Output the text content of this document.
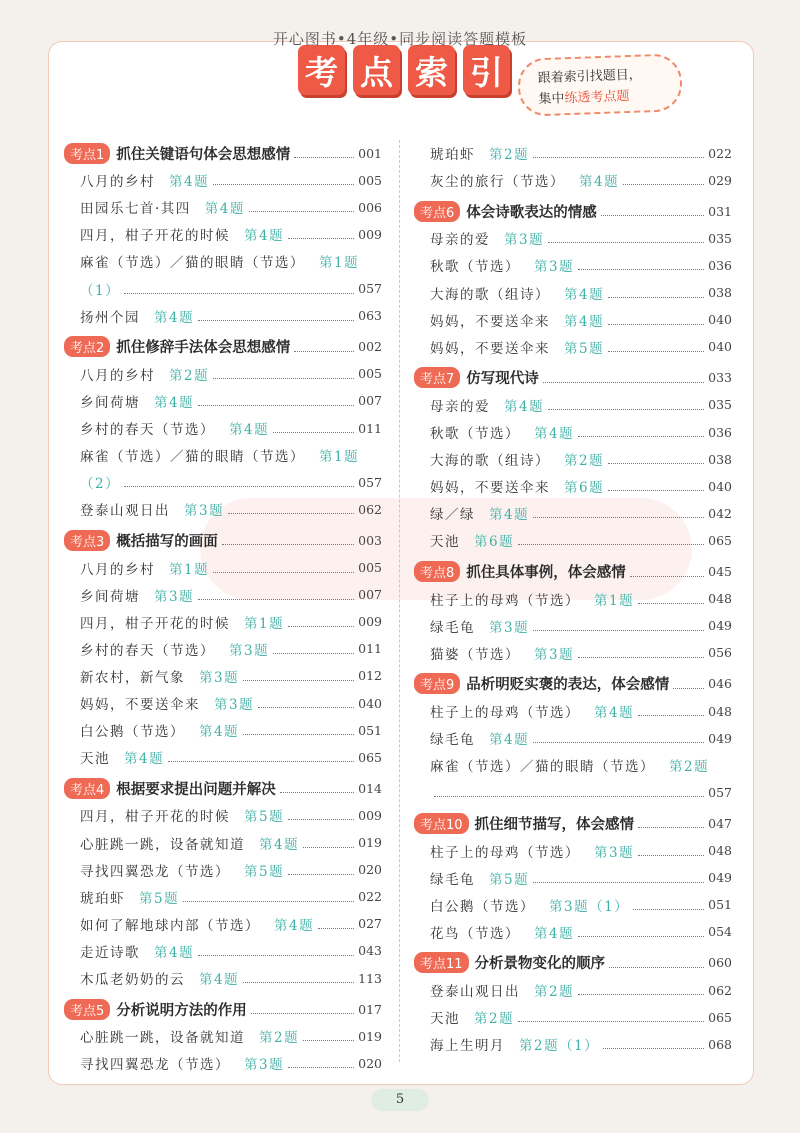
开心图书•4年级•同步阅读答题模板
考 点 索 引	跟着索引找题目，
集中练透考点题
考点1 抓住关键语句体会思想感情	001
八月的乡村 第4题	005
田园乐七首·其四 第4题	006
四月，柑子开花的时候 第4题	009
麻雀（节选）／猫的眼睛（节选） 第1题
（1）	057
扬州个园 第4题	063
考点2 抓住修辞手法体会思想感情	002
八月的乡村 第2题	005
乡间荷塘 第4题	007
乡村的春天（节选） 第4题	011
麻雀（节选）／猫的眼睛（节选） 第1题
（2）	057
登泰山观日出 第3题	062
考点3 概括描写的画面	003
八月的乡村 第1题	005
乡间荷塘 第3题	007
四月，柑子开花的时候 第1题	009
乡村的春天（节选） 第3题	011
新农村，新气象 第3题	012
妈妈，不要送伞来 第3题	040
白公鹅（节选） 第4题	051
天池 第4题	065
考点4 根据要求提出问题并解决	014
四月，柑子开花的时候 第5题	009
心脏跳一跳，设备就知道 第4题	019
寻找四翼恐龙（节选） 第5题	020
琥珀虾 第5题	022
如何了解地球内部（节选） 第4题	027
走近诗歌 第4题	043
木瓜老奶奶的云 第4题	113
考点5 分析说明方法的作用	017
心脏跳一跳，设备就知道 第2题	019
寻找四翼恐龙（节选） 第3题	020
琥珀虾 第2题	022
灰尘的旅行（节选） 第4题	029
考点6 体会诗歌表达的情感	031
母亲的爱 第3题	035
秋歌（节选） 第3题	036
大海的歌（组诗） 第4题	038
妈妈，不要送伞来 第4题	040
妈妈，不要送伞来 第5题	040
考点7 仿写现代诗	033
母亲的爱 第4题	035
秋歌（节选） 第4题	036
大海的歌（组诗） 第2题	038
妈妈，不要送伞来 第6题	040
绿／绿 第4题	042
天池 第6题	065
考点8 抓住具体事例，体会感情	045
柱子上的母鸡（节选） 第1题	048
绿毛龟 第3题	049
猫婆（节选） 第3题	056
考点9 品析明贬实褒的表达，体会感情	046
柱子上的母鸡（节选） 第4题	048
绿毛龟 第4题	049
麻雀（节选）／猫的眼睛（节选） 第2题
057
考点10 抓住细节描写，体会感情	047
柱子上的母鸡（节选） 第3题	048
绿毛龟 第5题	049
白公鹅（节选） 第3题（1）	051
花鸟（节选） 第4题	054
考点11 分析景物变化的顺序	060
登泰山观日出 第2题	062
天池 第2题	065
海上生明月 第2题（1）	068
5
